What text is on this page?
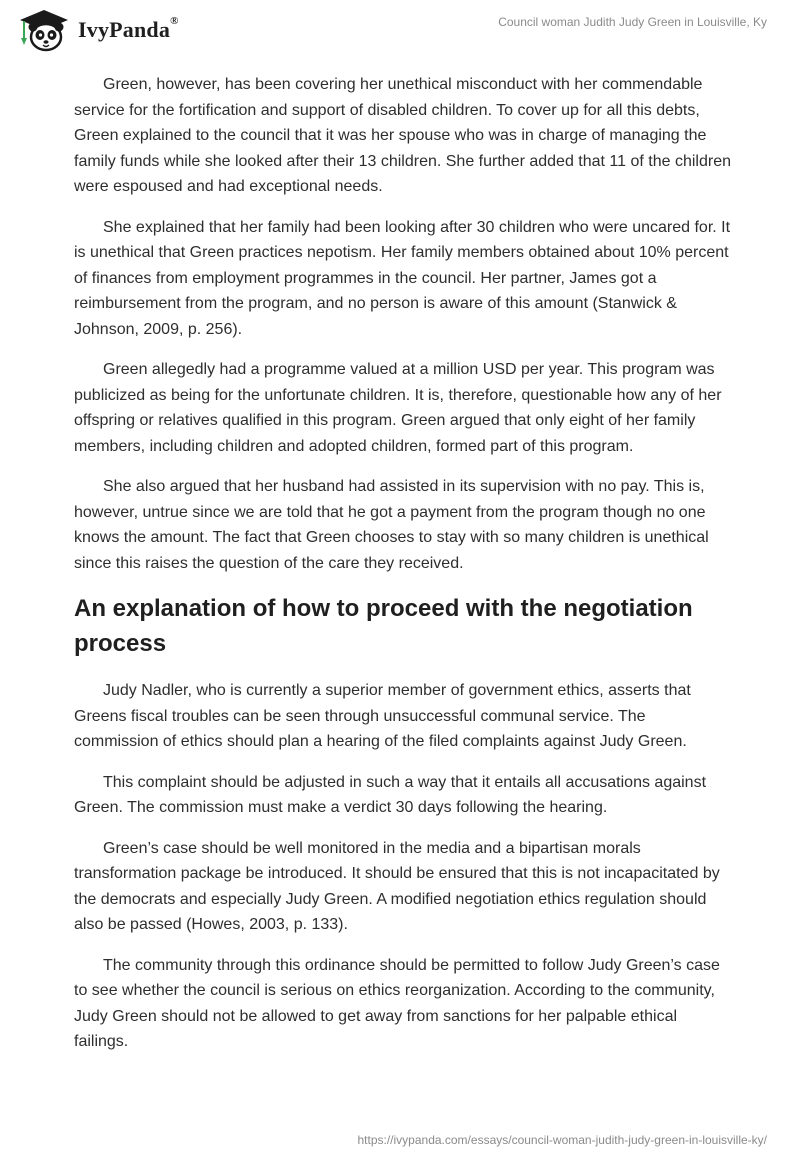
IvyPanda®	Council woman Judith Judy Green in Louisville, Ky

Green, however, has been covering her unethical misconduct with her commendable service for the fortification and support of disabled children. To cover up for all this debts, Green explained to the council that it was her spouse who was in charge of managing the family funds while she looked after their 13 children. She further added that 11 of the children were espoused and had exceptional needs.

She explained that her family had been looking after 30 children who were uncared for. It is unethical that Green practices nepotism. Her family members obtained about 10% percent of finances from employment programmes in the council. Her partner, James got a reimbursement from the program, and no person is aware of this amount (Stanwick & Johnson, 2009, p. 256).

Green allegedly had a programme valued at a million USD per year. This program was publicized as being for the unfortunate children. It is, therefore, questionable how any of her offspring or relatives qualified in this program. Green argued that only eight of her family members, including children and adopted children, formed part of this program.

She also argued that her husband had assisted in its supervision with no pay. This is, however, untrue since we are told that he got a payment from the program though no one knows the amount. The fact that Green chooses to stay with so many children is unethical since this raises the question of the care they received.

An explanation of how to proceed with the negotiation process

Judy Nadler, who is currently a superior member of government ethics, asserts that Greens fiscal troubles can be seen through unsuccessful communal service. The commission of ethics should plan a hearing of the filed complaints against Judy Green.

This complaint should be adjusted in such a way that it entails all accusations against Green. The commission must make a verdict 30 days following the hearing.

Green’s case should be well monitored in the media and a bipartisan morals transformation package be introduced. It should be ensured that this is not incapacitated by the democrats and especially Judy Green. A modified negotiation ethics regulation should also be passed (Howes, 2003, p. 133).

The community through this ordinance should be permitted to follow Judy Green’s case to see whether the council is serious on ethics reorganization. According to the community, Judy Green should not be allowed to get away from sanctions for her palpable ethical failings.

https://ivypanda.com/essays/council-woman-judith-judy-green-in-louisville-ky/
